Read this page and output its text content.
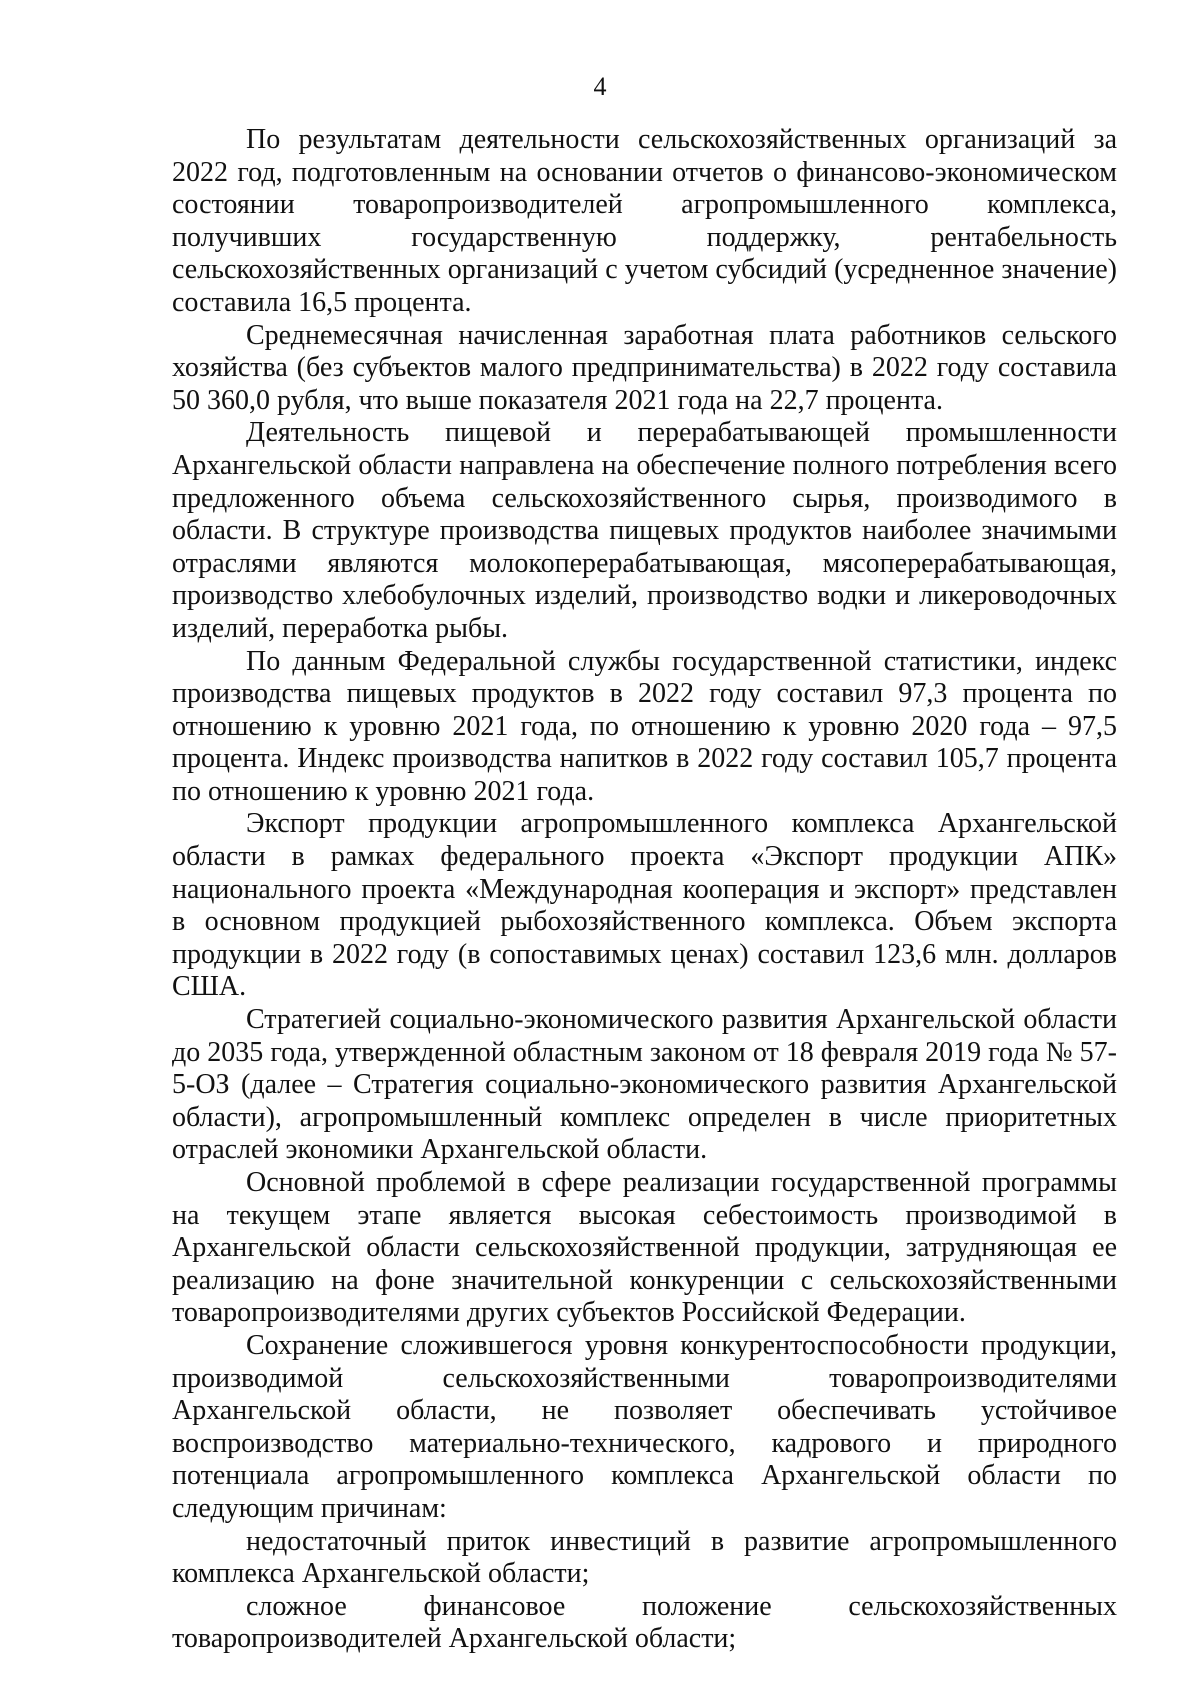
4

По результатам деятельности сельскохозяйственных организаций за 2022 год, подготовленным на основании отчетов о финансово-экономическом состоянии товаропроизводителей агропромышленного комплекса, получивших государственную поддержку, рентабельность сельскохозяйственных организаций с учетом субсидий (усредненное значение) составила 16,5 процента.

Среднемесячная начисленная заработная плата работников сельского хозяйства (без субъектов малого предпринимательства) в 2022 году составила 50 360,0 рубля, что выше показателя 2021 года на 22,7 процента.

Деятельность пищевой и перерабатывающей промышленности Архангельской области направлена на обеспечение полного потребления всего предложенного объема сельскохозяйственного сырья, производимого в области. В структуре производства пищевых продуктов наиболее значимыми отраслями являются молокоперерабатывающая, мясоперерабатывающая, производство хлебобулочных изделий, производство водки и ликероводочных изделий, переработка рыбы.

По данным Федеральной службы государственной статистики, индекс производства пищевых продуктов в 2022 году составил 97,3 процента по отношению к уровню 2021 года, по отношению к уровню 2020 года – 97,5 процента. Индекс производства напитков в 2022 году составил 105,7 процента по отношению к уровню 2021 года.

Экспорт продукции агропромышленного комплекса Архангельской области в рамках федерального проекта «Экспорт продукции АПК» национального проекта «Международная кооперация и экспорт» представлен в основном продукцией рыбохозяйственного комплекса. Объем экспорта продукции в 2022 году (в сопоставимых ценах) составил 123,6 млн. долларов США.

Стратегией социально-экономического развития Архангельской области до 2035 года, утвержденной областным законом от 18 февраля 2019 года № 57-5-ОЗ (далее – Стратегия социально-экономического развития Архангельской области), агропромышленный комплекс определен в числе приоритетных отраслей экономики Архангельской области.

Основной проблемой в сфере реализации государственной программы на текущем этапе является высокая себестоимость производимой в Архангельской области сельскохозяйственной продукции, затрудняющая ее реализацию на фоне значительной конкуренции с сельскохозяйственными товаропроизводителями других субъектов Российской Федерации.

Сохранение сложившегося уровня конкурентоспособности продукции, производимой сельскохозяйственными товаропроизводителями Архангельской области, не позволяет обеспечивать устойчивое воспроизводство материально-технического, кадрового и природного потенциала агропромышленного комплекса Архангельской области по следующим причинам:

недостаточный приток инвестиций в развитие агропромышленного комплекса Архангельской области;

сложное финансовое положение сельскохозяйственных товаропроизводителей Архангельской области;
